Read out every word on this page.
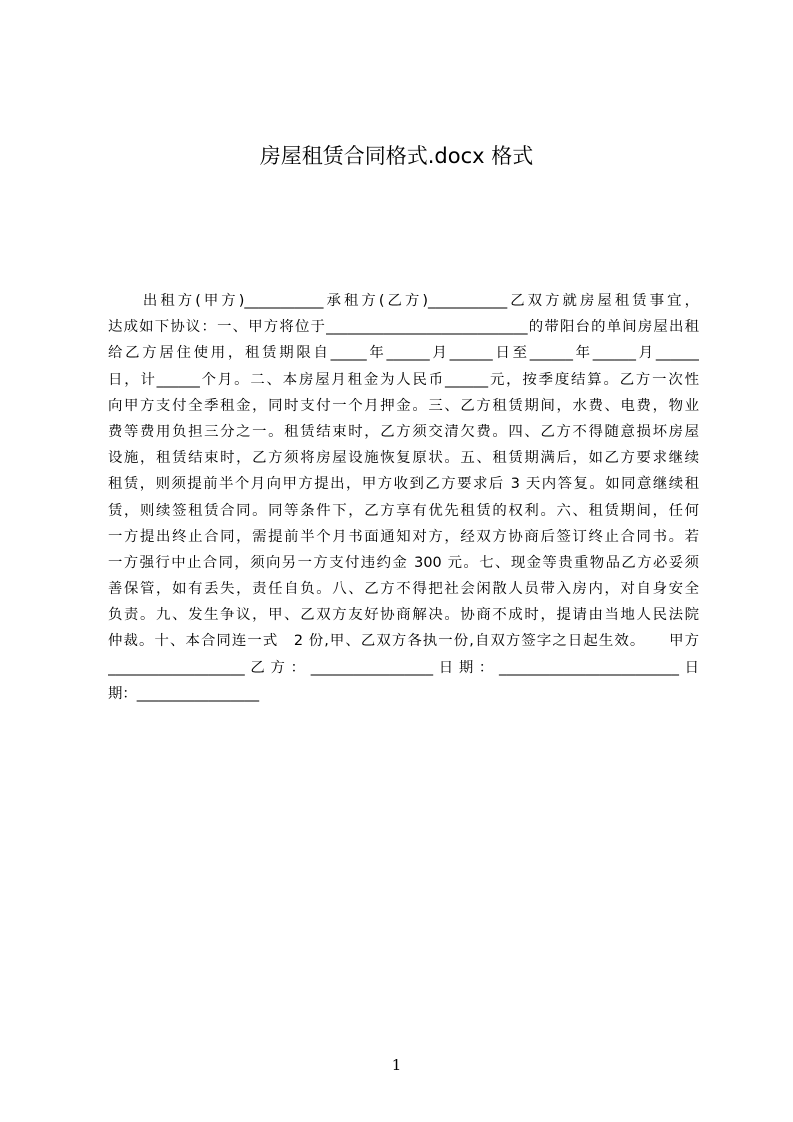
房屋租赁合同格式.docx 格式
　　出租方(甲方)___________承租方(乙方)___________乙双方就房屋租赁事宜，
达成如下协议：一、甲方将位于____________________________的带阳台的单间房屋出租
给乙方居住使用，租赁期限自_____年______月______日至______年______月______
日，计______个月。二、本房屋月租金为人民币______元，按季度结算。乙方一次性
向甲方支付全季租金，同时支付一个月押金。三、乙方租赁期间，水费、电费，物业
费等费用负担三分之一。租赁结束时，乙方须交清欠费。四、乙方不得随意损坏房屋
设施，租赁结束时，乙方须将房屋设施恢复原状。五、租赁期满后，如乙方要求继续
租赁，则须提前半个月向甲方提出，甲方收到乙方要求后 3 天内答复。如同意继续租
赁，则续签租赁合同。同等条件下，乙方享有优先租赁的权利。六、租赁期间，任何
一方提出终止合同，需提前半个月书面通知对方，经双方协商后签订终止合同书。若
一方强行中止合同，须向另一方支付违约金 300 元。七、现金等贵重物品乙方必妥须
善保管，如有丢失，责任自负。八、乙方不得把社会闲散人员带入房内，对自身安全
负责。九、发生争议，甲、乙双方友好协商解决。协商不成时，提请由当地人民法院
仲裁。十、本合同连一式　2 份,甲、乙双方各执一份,自双方签字之日起生效。　　甲方
___________________乙方：_________________日期：_________________________日
期：_________________
1
